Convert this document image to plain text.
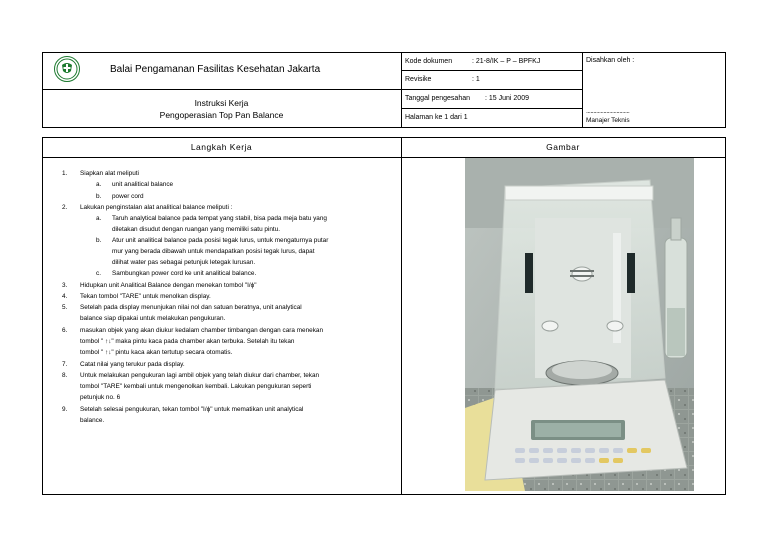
Balai Pengamanan Fasilitas Kesehatan Jakarta
Instruksi Kerja
Pengoperasian Top Pan Balance
Kode dokumen	: 21-8/IK – P – BPFKJ
Revisike	: 1
Tanggal pengesahan : 15 Juni 2009
Halaman ke 1 dari 1
Disahkan oleh :
..............................
Manajer Teknis
Langkah Kerja	Gambar
1. Siapkan alat meliputi
a. unit analitical balance
b. power cord
2. Lakukan penginstalan alat analitical balance meliputi :
a. Taruh analytical balance pada tempat yang stabil, bisa pada meja batu yang
diletakan disudut dengan ruangan yang memiliki satu pintu.
b. Atur unit analitical balance pada posisi tegak lurus, untuk mengaturnya putar
mur yang berada dibawah untuk mendapatkan posisi tegak lurus, dapat
dilihat water pas sebagai petunjuk letegak lurusan.
c. Sambungkan power cord ke unit analitical balance.
3. Hidupkan unit Analitical Balance dengan menekan tombol "I/ϕ"
4. Tekan tombol "TARE" untuk menolkan display.
5. Setelah pada display menunjukan nilai nol dan satuan beratnya, unit analytical
balance siap dipakai untuk melakukan pengukuran.
6. masukan objek yang akan diukur kedalam chamber timbangan dengan cara menekan
tombol " ↑↓" maka pintu kaca pada chamber akan terbuka. Setelah itu tekan
tombol " ↑↓" pintu kaca akan tertutup secara otomatis.
7. Catat nilai yang terukur pada display.
8. Untuk melakukan pengukuran lagi ambil objek yang telah diukur dari chamber, tekan
tombol "TARE" kembali untuk mengenolkan kembali. Lakukan pengukuran seperti
petunjuk no. 6
9. Setelah selesai pengukuran, tekan tombol "I/ϕ" untuk mematikan unit analytical
balance.
